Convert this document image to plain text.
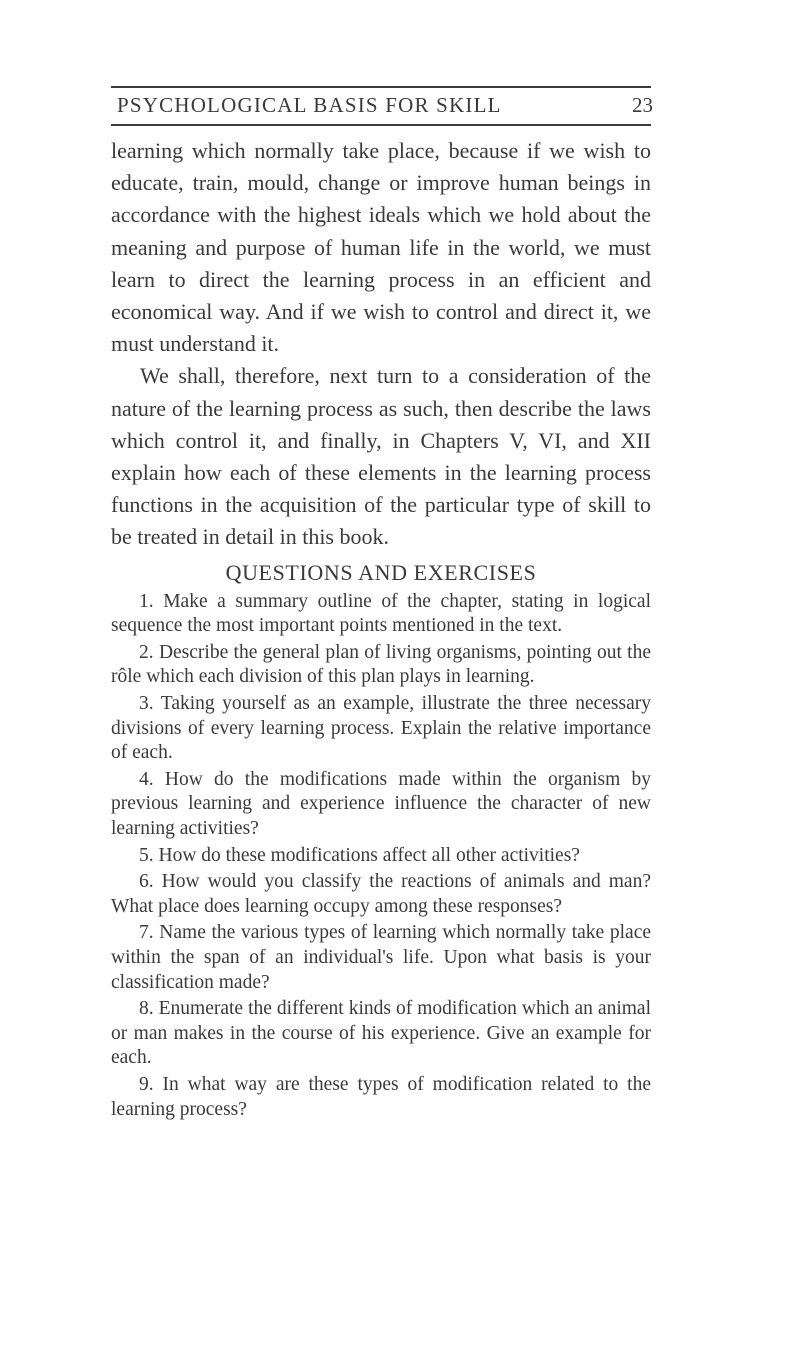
PSYCHOLOGICAL BASIS FOR SKILL	23

learning which normally take place, because if we wish to educate, train, mould, change or improve human beings in accordance with the highest ideals which we hold about the meaning and purpose of human life in the world, we must learn to direct the learning process in an efficient and economical way. And if we wish to control and direct it, we must understand it.

We shall, therefore, next turn to a consideration of the nature of the learning process as such, then describe the laws which control it, and finally, in Chapters V, VI, and XII explain how each of these elements in the learning process functions in the acquisition of the particular type of skill to be treated in detail in this book.

QUESTIONS AND EXERCISES

1. Make a summary outline of the chapter, stating in logical sequence the most important points mentioned in the text.

2. Describe the general plan of living organisms, pointing out the rôle which each division of this plan plays in learning.

3. Taking yourself as an example, illustrate the three necessary divisions of every learning process. Explain the relative importance of each.

4. How do the modifications made within the organism by previous learning and experience influence the character of new learning activities?

5. How do these modifications affect all other activities?

6. How would you classify the reactions of animals and man? What place does learning occupy among these responses?

7. Name the various types of learning which normally take place within the span of an individual's life. Upon what basis is your classification made?

8. Enumerate the different kinds of modification which an animal or man makes in the course of his experience. Give an example for each.

9. In what way are these types of modification related to the learning process?
